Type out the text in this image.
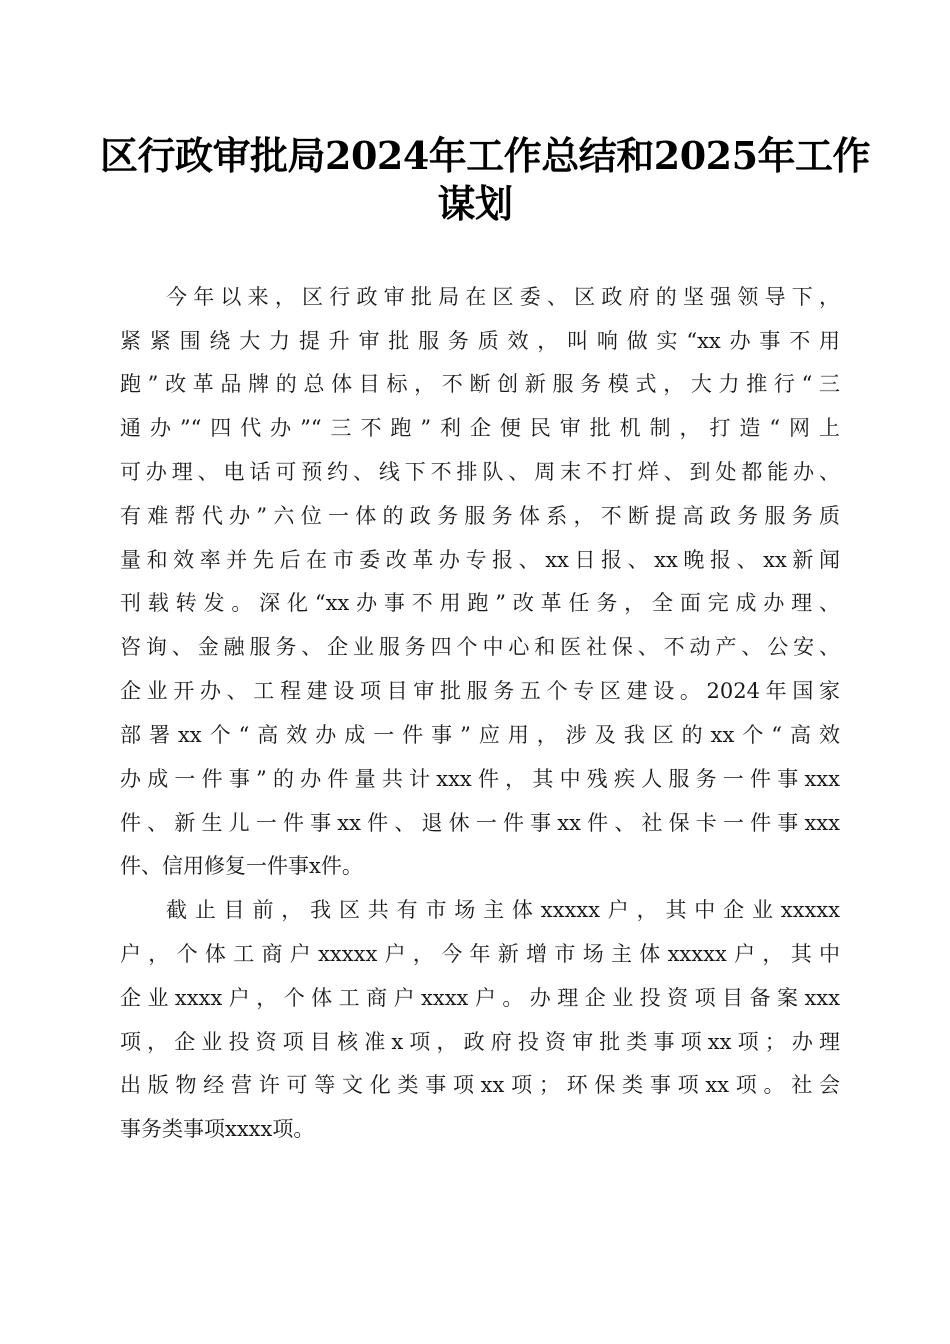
区行政审批局2024年工作总结和2025年工作
谋划
今年以来，区行政审批局在区委、区政府的坚强领导下，
紧紧围绕大力提升审批服务质效，叫响做实“xx办事不用
跑”改革品牌的总体目标，不断创新服务模式，大力推行“三
通办”“四代办”“三不跑”利企便民审批机制，打造“网上
可办理、电话可预约、线下不排队、周末不打烊、到处都能办、
有难帮代办”六位一体的政务服务体系，不断提高政务服务质
量和效率并先后在市委改革办专报、xx日报、xx晚报、xx新闻
刊载转发。深化“xx办事不用跑”改革任务，全面完成办理、
咨询、金融服务、企业服务四个中心和医社保、不动产、公安、
企业开办、工程建设项目审批服务五个专区建设。2024年国家
部署xx个“高效办成一件事”应用，涉及我区的xx个“高效
办成一件事”的办件量共计xxx件，其中残疾人服务一件事xxx
件、新生儿一件事xx件、退休一件事xx件、社保卡一件事xxx
件、信用修复一件事x件。
截止目前，我区共有市场主体xxxxx户，其中企业xxxxx
户，个体工商户xxxxx户，今年新增市场主体xxxxx户，其中
企业xxxx户，个体工商户xxxx户。办理企业投资项目备案xxx
项，企业投资项目核准x项，政府投资审批类事项xx项；办理
出版物经营许可等文化类事项xx项；环保类事项xx项。社会
事务类事项xxxx项。
